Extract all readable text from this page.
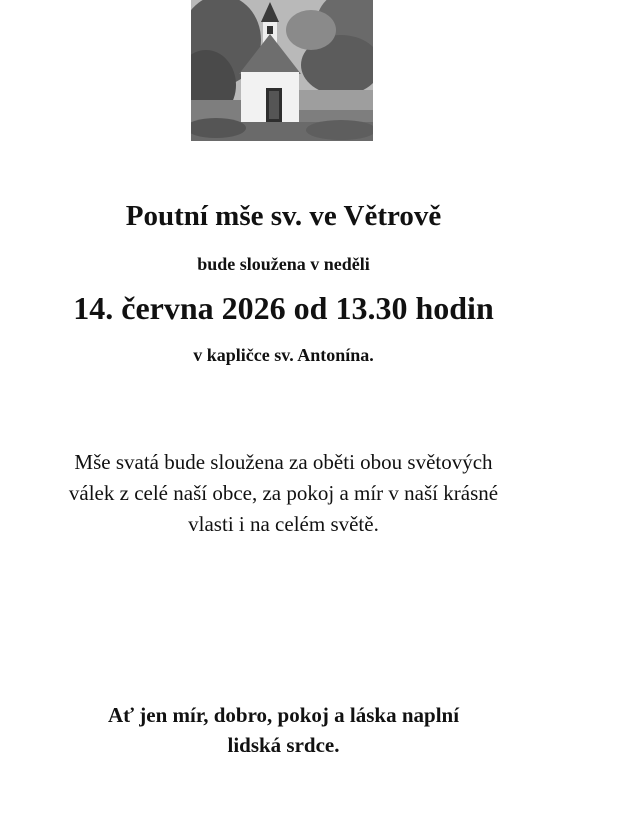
Poutní mše sv. ve Větrově
bude sloužena v neděli
14. června 2026 od 13.30 hodin
v kapličce sv. Antonína.
Mše svatá bude sloužena za oběti obou světových
válek z celé naší obce, za pokoj a mír v naší krásné
vlasti i na celém světě.
Ať jen mír, dobro, pokoj a láska naplní
lidská srdce.
